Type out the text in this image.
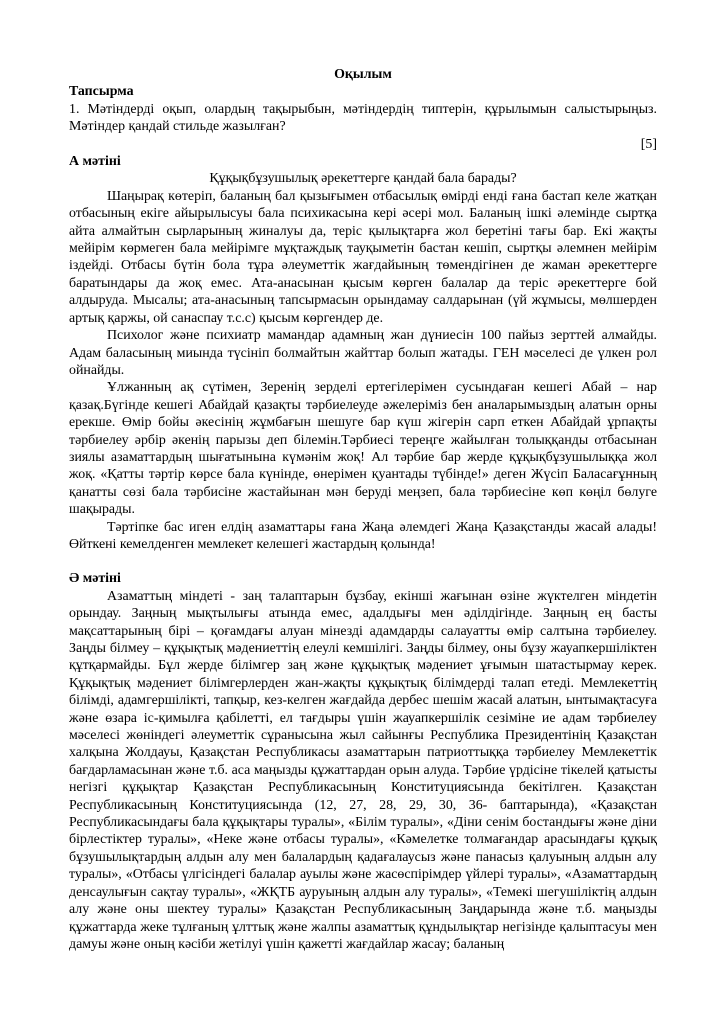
Оқылым

Тапсырма

1. Мәтіндерді оқып, олардың тақырыбын, мәтіндердің типтерін, құрылымын салыстырыңыз. Мәтіндер қандай стильде жазылған?

[5]

А мәтіні

Құқықбұзушылық әрекеттерге қандай бала барады?

Шаңырақ көтеріп, баланың бал қызығымен отбасылық өмірді енді ғана бастап келе жатқан отбасының екіге айырылысуы бала психикасына кері әсері мол. Баланың ішкі әлемінде сыртқа айта алмайтын сырларының жиналуы да, теріс қылықтарға жол беретіні тағы бар. Екі жақты мейірім көрмеген бала мейірімге мұқтаждық тауқыметін бастан кешіп, сыртқы әлемнен мейірім іздейді. Отбасы бүтін бола тұра әлеуметтік жағдайының төмендігінен де жаман әрекеттерге баратындары да жоқ емес. Ата-анасынан қысым көрген балалар да теріс әрекеттерге бой алдыруда. Мысалы; ата-анасының тапсырмасын орындамау салдарынан (үй жұмысы, мөлшерден артық қаржы, ой санаспау т.с.с) қысым көргендер де.

Психолог және психиатр мамандар адамның жан дүниесін 100 пайыз зерттей алмайды. Адам баласының миында түсініп болмайтын жайттар болып жатады. ГЕН мәселесі де үлкен рол ойнайды.

Ұлжанның ақ сүтімен, Зеренің зерделі ертегілерімен сусындаған кешегі Абай – нар қазақ.Бүгінде кешегі Абайдай қазақты тәрбиелеуде әжелеріміз бен аналарымыздың алатын орны ерекше. Өмір бойы әкесінің жұмбағын шешуге бар күш жігерін сарп еткен Абайдай ұрпақты тәрбиелеу әрбір әкенің парызы деп білемін.Тәрбиесі тереңге жайылған толыққанды отбасынан зиялы азаматтардың шығатынына күмәнім жоқ! Ал тәрбие бар жерде құқықбұзушылыққа жол жоқ. «Қатты тәртір көрсе бала күнінде, өнерімен қуантады түбінде!» деген Жүсіп Баласағұнның қанатты сөзі бала тәрбисіне жастайынан мән беруді меңзеп, бала тәрбиесіне көп көңіл бөлуге шақырады.

Тәртіпке бас иген елдің азаматтары ғана Жаңа әлемдегі Жаңа Қазақстанды жасай алады! Өйткені кемелденген мемлекет келешегі жастардың қолында!

Ә мәтіні

Азаматтың міндеті - заң талаптарын бұзбау, екінші жағынан өзіне жүктелген міндетін орындау. Заңның мықтылығы атында емес, адалдығы мен әділдігінде. Заңның ең басты мақсаттарының бірі – қоғамдағы алуан мінезді адамдарды салауатты өмір салтына тәрбиелеу. Заңды білмеу – құқықтық мәдениеттің елеулі кемшілігі. Заңды білмеу, оны бұзу жауапкершіліктен құтқармайды. Бұл жерде білімгер заң және құқықтық мәдениет ұғымын шатастырмау керек. Құқықтық мәдениет білімгерлерден жан-жақты құқықтық білімдерді талап етеді. Мемлекеттің білімді, адамгершілікті, тапқыр, кез-келген жағдайда дербес шешім жасай алатын, ынтымақтасуға және өзара іс-қимылға қабілетті, ел тағдыры үшін жауапкершілік сезіміне ие адам тәрбиелеу мәселесі жөніндегі әлеуметтік сұранысына жыл сайынғы Республика Президентінің Қазақстан халқына Жолдауы, Қазақстан Республикасы азаматтарын патриоттыққа тәрбиелеу Мемлекеттік бағдарламасынан және т.б. аса маңызды құжаттардан орын алуда. Тәрбие үрдісіне тікелей қатысты негізгі құқықтар Қазақстан Республикасының Конституциясында бекітілген. Қазақстан Республикасының Конституциясында (12, 27, 28, 29, 30, 36- баптарында), «Қазақстан Республикасындағы бала құқықтары туралы», «Білім туралы», «Діни сенім бостандығы және діни бірлестіктер туралы», «Неке және отбасы туралы», «Кәмелетке толмағандар арасындағы құқық бұзушылықтардың алдын алу мен балалардың қадағалаусыз және панасыз қалуының алдын алу туралы», «Отбасы үлгісіндегі балалар ауылы және жасөспірімдер үйлері туралы», «Азаматтардың денсаулығын сақтау туралы», «ЖҚТБ ауруының алдын алу туралы», «Темекі шегушіліктің алдын алу және оны шектеу туралы» Қазақстан Республикасының Заңдарында және т.б. маңызды құжаттарда жеке тұлғаның ұлттық және жалпы азаматтық құндылықтар негізінде қалыптасуы мен дамуы және оның кәсіби жетілуі үшін қажетті жағдайлар жасау; баланың
